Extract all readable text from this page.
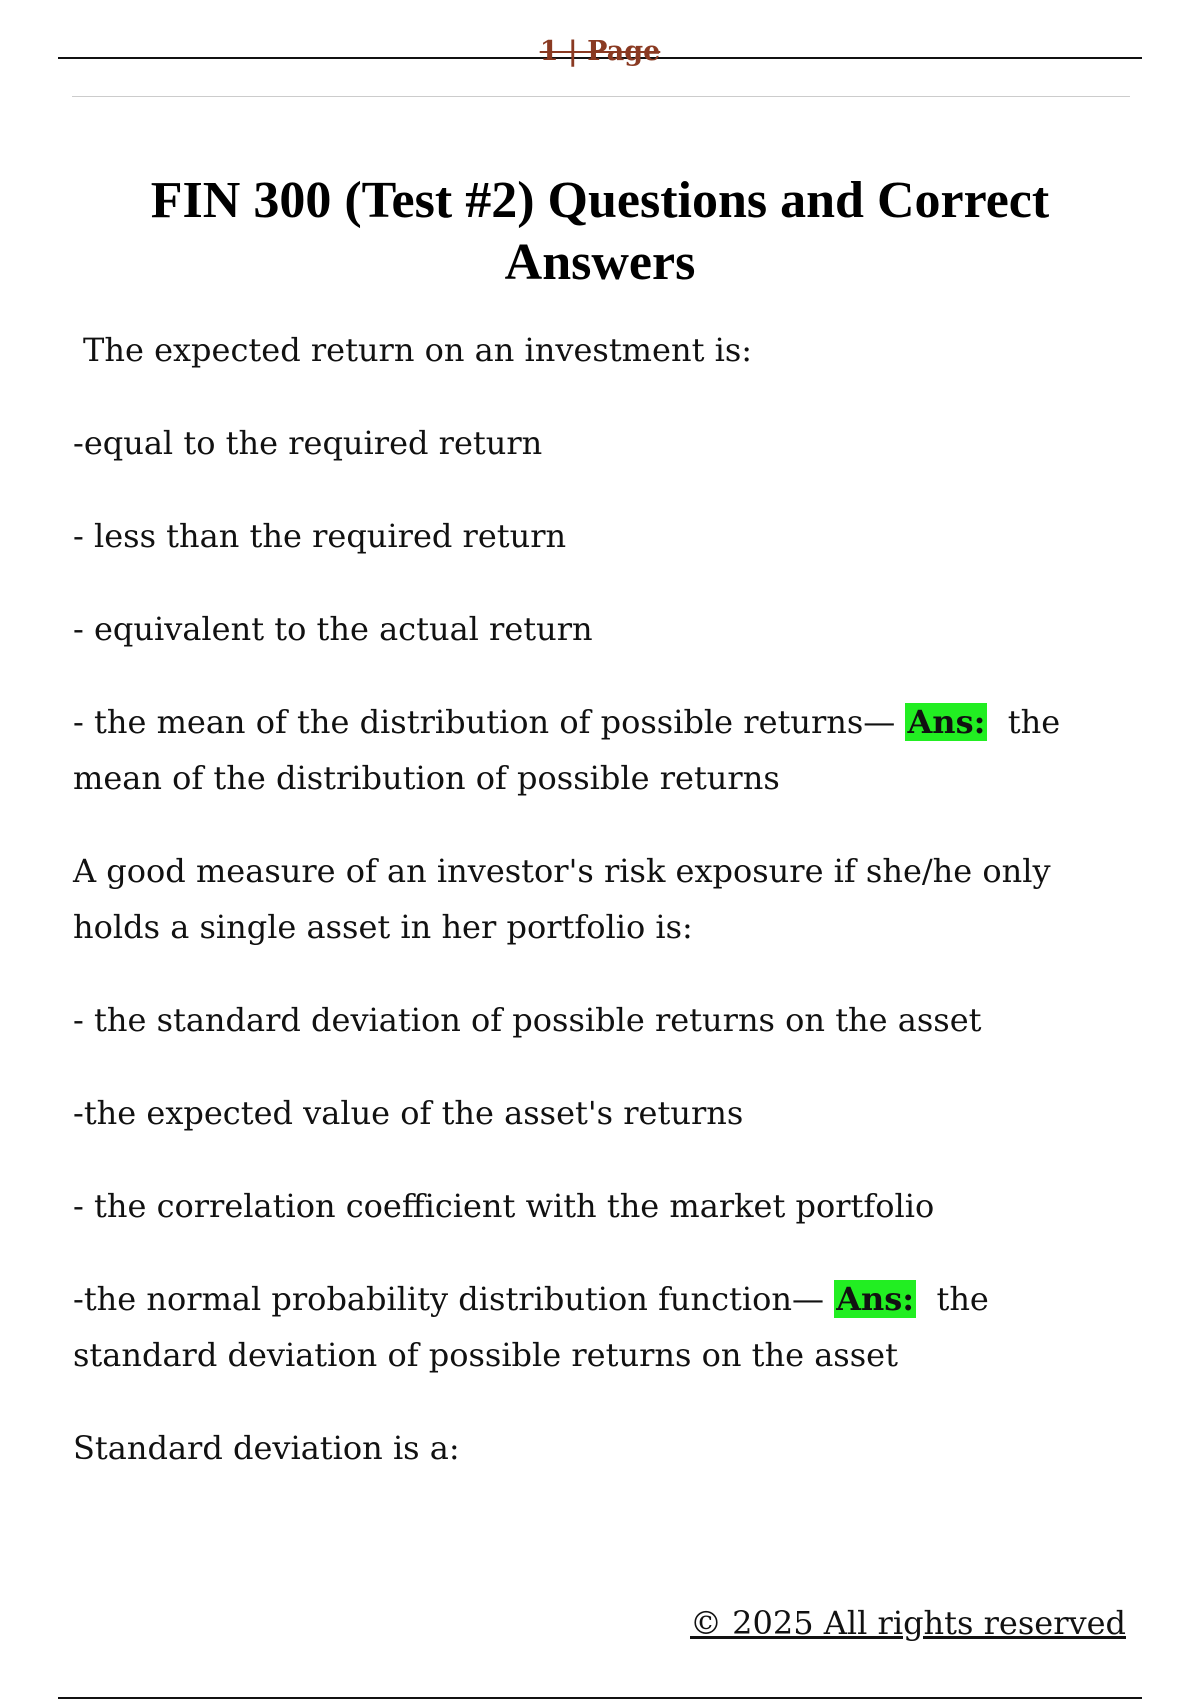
1 | Page
FIN 300 (Test #2) Questions and Correct Answers

The expected return on an investment is:

-equal to the required return

- less than the required return

- equivalent to the actual return

- the mean of the distribution of possible returns— Ans: the mean of the distribution of possible returns

A good measure of an investor's risk exposure if she/he only holds a single asset in her portfolio is:

- the standard deviation of possible returns on the asset

-the expected value of the asset's returns

- the correlation coefficient with the market portfolio

-the normal probability distribution function— Ans: the standard deviation of possible returns on the asset

Standard deviation is a:

© 2025 All rights reserved
